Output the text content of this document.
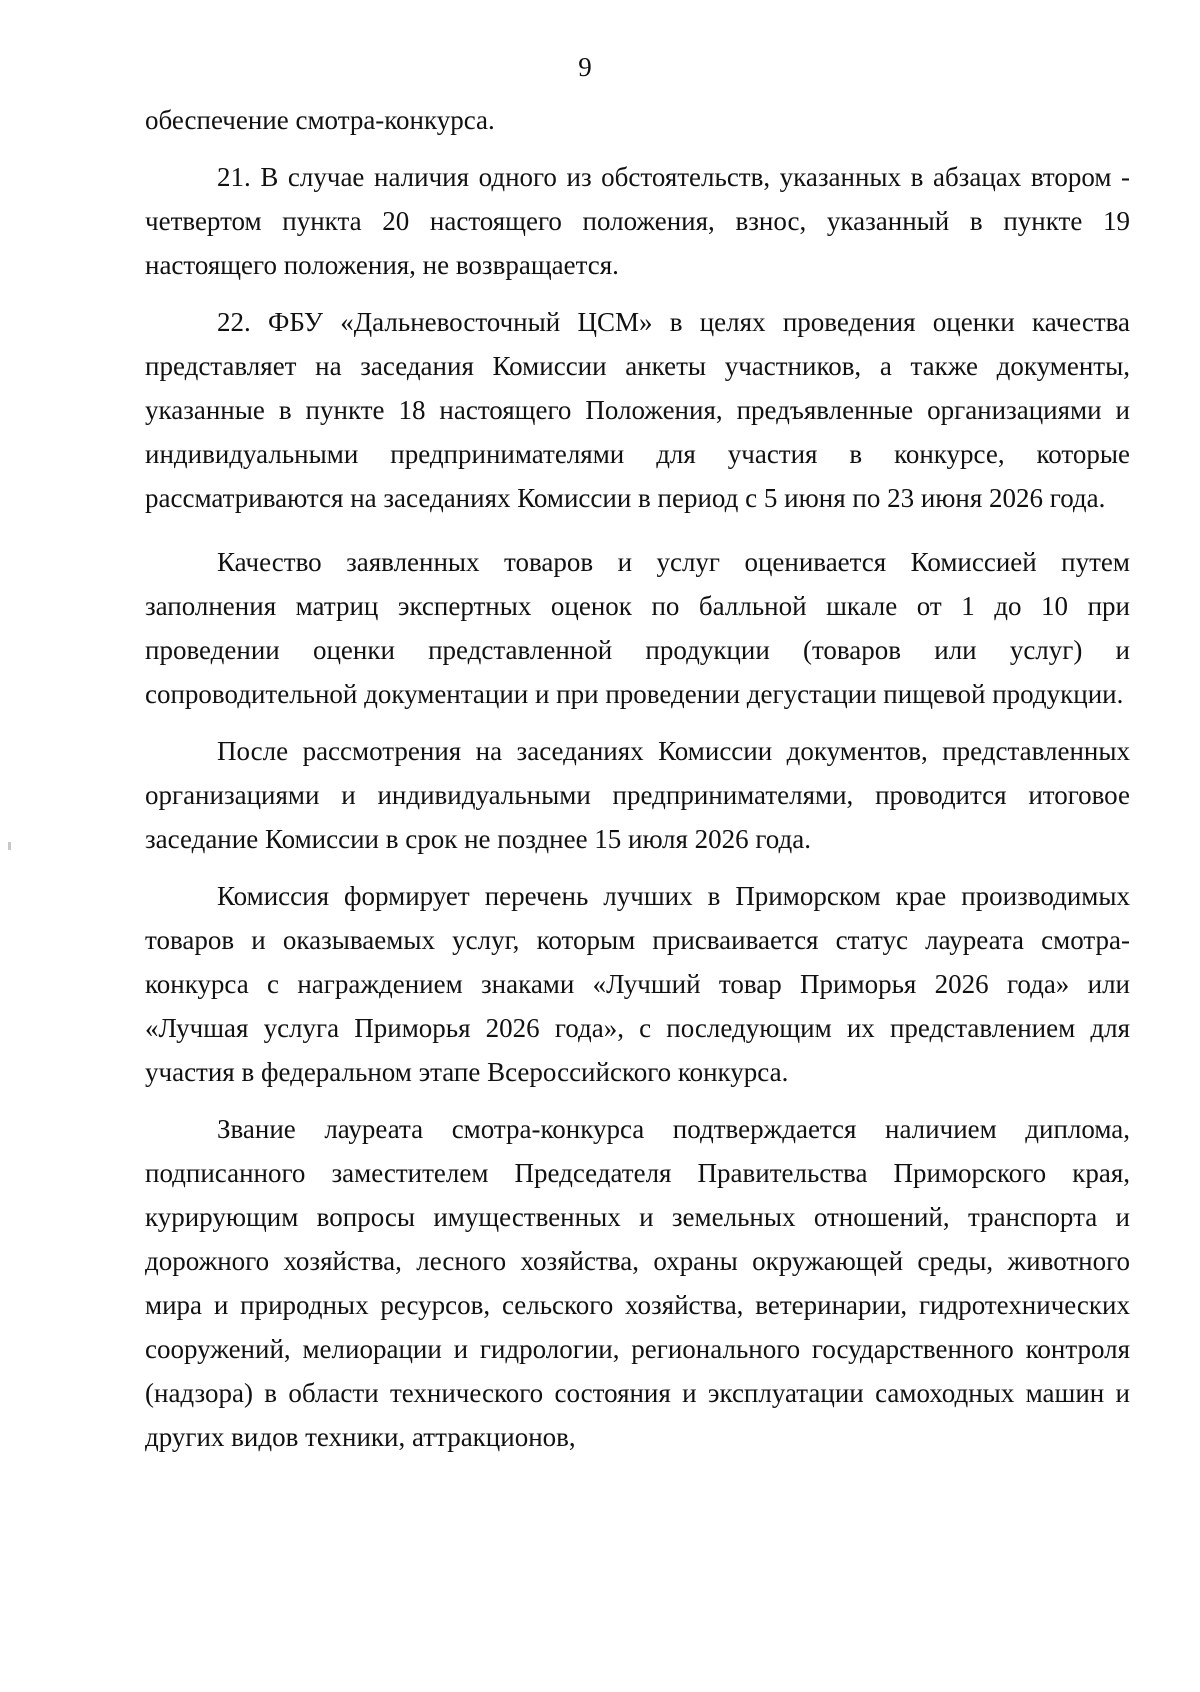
9

обеспечение смотра-конкурса.

21. В случае наличия одного из обстоятельств, указанных в абзацах втором - четвертом пункта 20 настоящего положения, взнос, указанный в пункте 19 настоящего положения, не возвращается.

22. ФБУ «Дальневосточный ЦСМ» в целях проведения оценки качества представляет на заседания Комиссии анкеты участников, а также документы, указанные в пункте 18 настоящего Положения, предъявленные организациями и индивидуальными предпринимателями для участия в конкурсе, которые рассматриваются на заседаниях Комиссии в период с 5 июня по 23 июня 2026 года.

Качество заявленных товаров и услуг оценивается Комиссией путем заполнения матриц экспертных оценок по балльной шкале от 1 до 10 при проведении оценки представленной продукции (товаров или услуг) и сопроводительной документации и при проведении дегустации пищевой продукции.

После рассмотрения на заседаниях Комиссии документов, представленных организациями и индивидуальными предпринимателями, проводится итоговое заседание Комиссии в срок не позднее 15 июля 2026 года.

Комиссия формирует перечень лучших в Приморском крае производимых товаров и оказываемых услуг, которым присваивается статус лауреата смотра-конкурса с награждением знаками «Лучший товар Приморья 2026 года» или «Лучшая услуга Приморья 2026 года», с последующим их представлением для участия в федеральном этапе Всероссийского конкурса.

Звание лауреата смотра-конкурса подтверждается наличием диплома, подписанного заместителем Председателя Правительства Приморского края, курирующим вопросы имущественных и земельных отношений, транспорта и дорожного хозяйства, лесного хозяйства, охраны окружающей среды, животного мира и природных ресурсов, сельского хозяйства, ветеринарии, гидротехнических сооружений, мелиорации и гидрологии, регионального государственного контроля (надзора) в области технического состояния и эксплуатации самоходных машин и других видов техники, аттракционов,
